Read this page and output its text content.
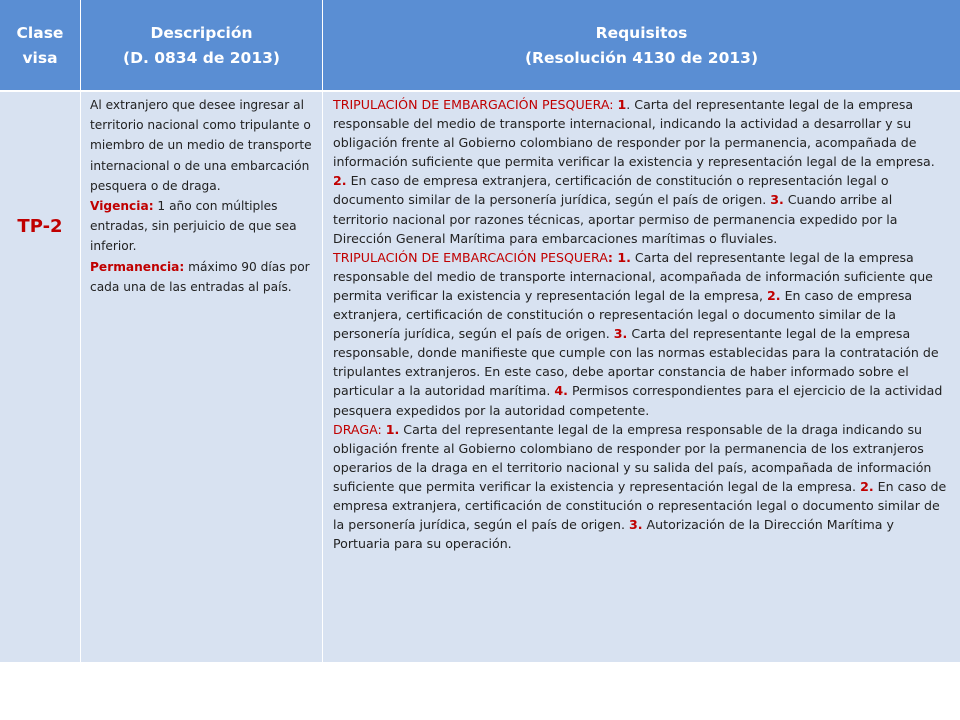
Clase
visa
Descripción
(D. 0834 de 2013)
Requisitos
(Resolución 4130 de 2013)
TP-2

Al extranjero que desee ingresar al territorio nacional como tripulante o miembro de un medio de transporte internacional o de una embarcación pesquera o de draga.

Vigencia: 1 año con múltiples entradas, sin perjuicio de que sea inferior.

Permanencia: máximo 90 días por cada una de las entradas al país.

TRIPULACIÓN DE EMBARGACIÓN PESQUERA: 1. Carta del representante legal de la empresa responsable del medio de transporte internacional, indicando la actividad a desarrollar y su obligación frente al Gobierno colombiano de responder por la permanencia, acompañada de información suficiente que permita verificar la existencia y representación legal de la empresa. 2. En caso de empresa extranjera, certificación de constitución o representación legal o documento similar de la personería jurídica, según el país de origen. 3. Cuando arribe al territorio nacional por razones técnicas, aportar permiso de permanencia expedido por la Dirección General Marítima para embarcaciones marítimas o fluviales.

TRIPULACIÓN DE EMBARCACIÓN PESQUERA: 1. Carta del representante legal de la empresa responsable del medio de transporte internacional, acompañada de información suficiente que permita verificar la existencia y representación legal de la empresa, 2. En caso de empresa extranjera, certificación de constitución o representación legal o documento similar de la personería jurídica, según el país de origen. 3. Carta del representante legal de la empresa responsable, donde manifieste que cumple con las normas establecidas para la contratación de tripulantes extranjeros. En este caso, debe aportar constancia de haber informado sobre el particular a la autoridad marítima. 4. Permisos correspondientes para el ejercicio de la actividad pesquera expedidos por la autoridad competente.

DRAGA: 1. Carta del representante legal de la empresa responsable de la draga indicando su obligación frente al Gobierno colombiano de responder por la permanencia de los extranjeros operarios de la draga en el territorio nacional y su salida del país, acompañada de información suficiente que permita verificar la existencia y representación legal de la empresa. 2. En caso de empresa extranjera, certificación de constitución o representación legal o documento similar de la personería jurídica, según el país de origen. 3. Autorización de la Dirección Marítima y Portuaria para su operación.
